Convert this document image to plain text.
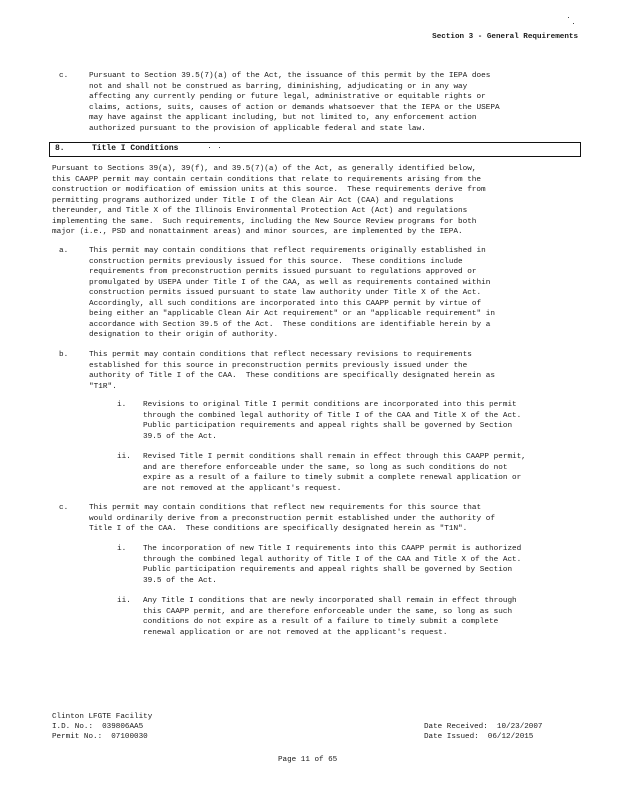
Section 3 - General Requirements
c.	Pursuant to Section 39.5(7)(a) of the Act, the issuance of this permit by the IEPA does
not and shall not be construed as barring, diminishing, adjudicating or in any way
affecting any currently pending or future legal, administrative or equitable rights or
claims, actions, suits, causes of action or demands whatsoever that the IEPA or the USEPA
may have against the applicant including, but not limited to, any enforcement action
authorized pursuant to the provision of applicable federal and state law.
8.	Title I Conditions
Pursuant to Sections 39(a), 39(f), and 39.5(7)(a) of the Act, as generally identified below,
this CAAPP permit may contain certain conditions that relate to requirements arising from the
construction or modification of emission units at this source.  These requirements derive from
permitting programs authorized under Title I of the Clean Air Act (CAA) and regulations
thereunder, and Title X of the Illinois Environmental Protection Act (Act) and regulations
implementing the same.  Such requirements, including the New Source Review programs for both
major (i.e., PSD and nonattainment areas) and minor sources, are implemented by the IEPA.
a.	This permit may contain conditions that reflect requirements originally established in
construction permits previously issued for this source.  These conditions include
requirements from preconstruction permits issued pursuant to regulations approved or
promulgated by USEPA under Title I of the CAA, as well as requirements contained within
construction permits issued pursuant to state law authority under Title X of the Act.
Accordingly, all such conditions are incorporated into this CAAPP permit by virtue of
being either an "applicable Clean Air Act requirement" or an "applicable requirement" in
accordance with Section 39.5 of the Act.  These conditions are identifiable herein by a
designation to their origin of authority.
b.	This permit may contain conditions that reflect necessary revisions to requirements
established for this source in preconstruction permits previously issued under the
authority of Title I of the CAA.  These conditions are specifically designated herein as
"T1R".
i. Revisions to original Title I permit conditions are incorporated into this permit
through the combined legal authority of Title I of the CAA and Title X of the Act.
Public participation requirements and appeal rights shall be governed by Section
39.5 of the Act.
ii. Revised Title I permit conditions shall remain in effect through this CAAPP permit,
and are therefore enforceable under the same, so long as such conditions do not
expire as a result of a failure to timely submit a complete renewal application or
are not removed at the applicant's request.
c.	This permit may contain conditions that reflect new requirements for this source that
would ordinarily derive from a preconstruction permit established under the authority of
Title I of the CAA.  These conditions are specifically designated herein as "T1N".
i. The incorporation of new Title I requirements into this CAAPP permit is authorized
through the combined legal authority of Title I of the CAA and Title X of the Act.
Public participation requirements and appeal rights shall be governed by Section
39.5 of the Act.
ii. Any Title I conditions that are newly incorporated shall remain in effect through
this CAAPP permit, and are therefore enforceable under the same, so long as such
conditions do not expire as a result of a failure to timely submit a complete
renewal application or are not removed at the applicant's request.
Clinton LFGTE Facility
I.D. No.:  039806AA5
Permit No.:  07100030
Date Received:  10/23/2007
Date Issued:  06/12/2015
Page 11 of 65
